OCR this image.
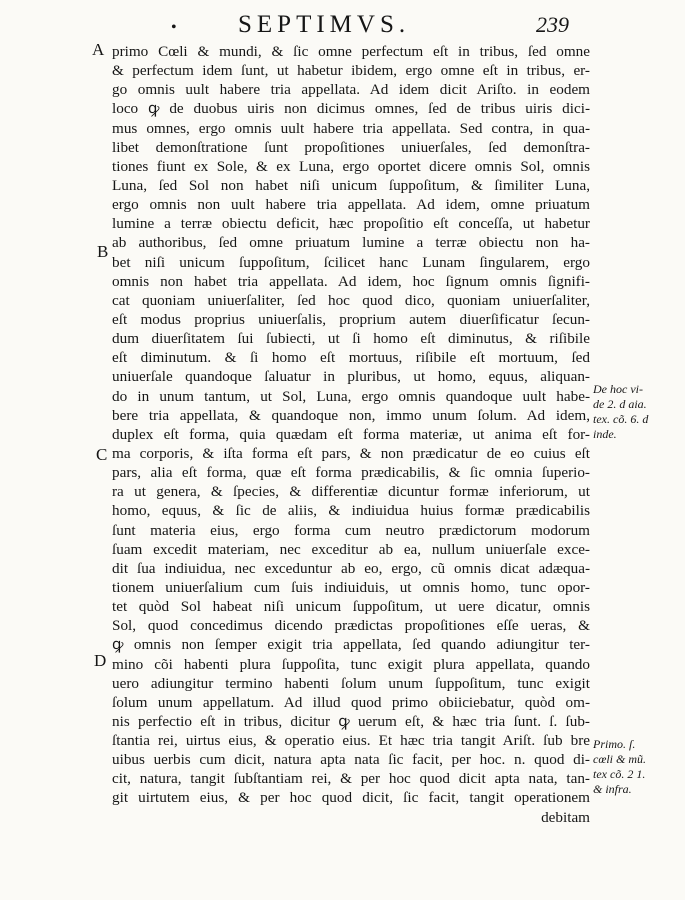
• SEPTIMVS.	239
A
B
C
D
primo Cœli & mundi, & ſic omne perfectum eſt in tribus, ſed omne
& perfectum idem ſunt, ut habetur ibidem, ergo omne eſt in tribus, er-
go omnis uult habere tria appellata. Ad idem dicit Ariſto. in eodem
loco ꝙ de duobus uiris non dicimus omnes, ſed de tribus uiris dici-
mus omnes, ergo omnis uult habere tria appellata. Sed contra, in qua-
libet demonſtratione ſunt propoſitiones uniuerſales, ſed demonſtra-
tiones fiunt ex Sole, & ex Luna, ergo oportet dicere omnis Sol, omnis
Luna, ſed Sol non habet niſi unicum ſuppoſitum, & ſimiliter Luna,
ergo omnis non uult habere tria appellata. Ad idem, omne priuatum
lumine a terræ obiectu deficit, hæc propoſitio eſt conceſſa, ut habetur
ab authoribus, ſed omne priuatum lumine a terræ obiectu non ha-
bet niſi unicum ſuppoſitum, ſcilicet hanc Lunam ſingularem, ergo
omnis non habet tria appellata. Ad idem, hoc ſignum omnis ſignifi-
cat quoniam uniuerſaliter, ſed hoc quod dico, quoniam uniuerſaliter,
eſt modus proprius uniuerſalis, proprium autem diuerſificatur ſecun-
dum diuerſitatem ſui ſubiecti, ut ſi homo eſt diminutus, & riſibile
eſt diminutum. & ſi homo eſt mortuus, riſibile eſt mortuum, ſed
uniuerſale quandoque ſaluatur in pluribus, ut homo, equus, aliquan-
do in unum tantum, ut Sol, Luna, ergo omnis quandoque uult habe-
bere tria appellata, & quandoque non, immo unum ſolum. Ad idem,
duplex eſt forma, quia quædam eſt forma materiæ, ut anima eſt for-
ma corporis, & iſta forma eſt pars, & non prædicatur de eo cuius eſt
pars, alia eſt forma, quæ eſt forma prædicabilis, & ſic omnia ſuperio-
ra ut genera, & ſpecies, & differentiæ dicuntur formæ inferiorum, ut
homo, equus, & ſic de aliis, & indiuidua huius formæ prædicabilis
ſunt materia eius, ergo forma cum neutro prædictorum modorum
ſuam excedit materiam, nec exceditur ab ea, nullum uniuerſale exce-
dit ſua indiuidua, nec exceduntur ab eo, ergo, cũ omnis dicat adæqua-
tionem uniuerſalium cum ſuis indiuiduis, ut omnis homo, tunc opor-
tet quòd Sol habeat niſi unicum ſuppoſitum, ut uere dicatur, omnis
Sol, quod concedimus dicendo prædictas propoſitiones eſſe ueras, &
ꝙ omnis non ſemper exigit tria appellata, ſed quando adiungitur ter-
mino cõi habenti plura ſuppoſita, tunc exigit plura appellata, quando
uero adiungitur termino habenti ſolum unum ſuppoſitum, tunc exigit
ſolum unum appellatum. Ad illud quod primo obiiciebatur, quòd om-
nis perfectio eſt in tribus, dicitur ꝙ uerum eſt, & hæc tria ſunt. ſ. ſub-
ſtantia rei, uirtus eius, & operatio eius. Et hæc tria tangit Ariſt. ſub bre
uibus uerbis cum dicit, natura apta nata ſic facit, per hoc. n. quod di-
cit, natura, tangit ſubſtantiam rei, & per hoc quod dicit apta nata, tan-
git uirtutem eius, & per hoc quod dicit, ſic facit, tangit operationem
debitam
De hoc vi-
de 2. d aia.
tex. cõ. 6. d
inde.
Primo. ſ.
cœli & mũ.
tex cõ. 2 1.
& infra.
